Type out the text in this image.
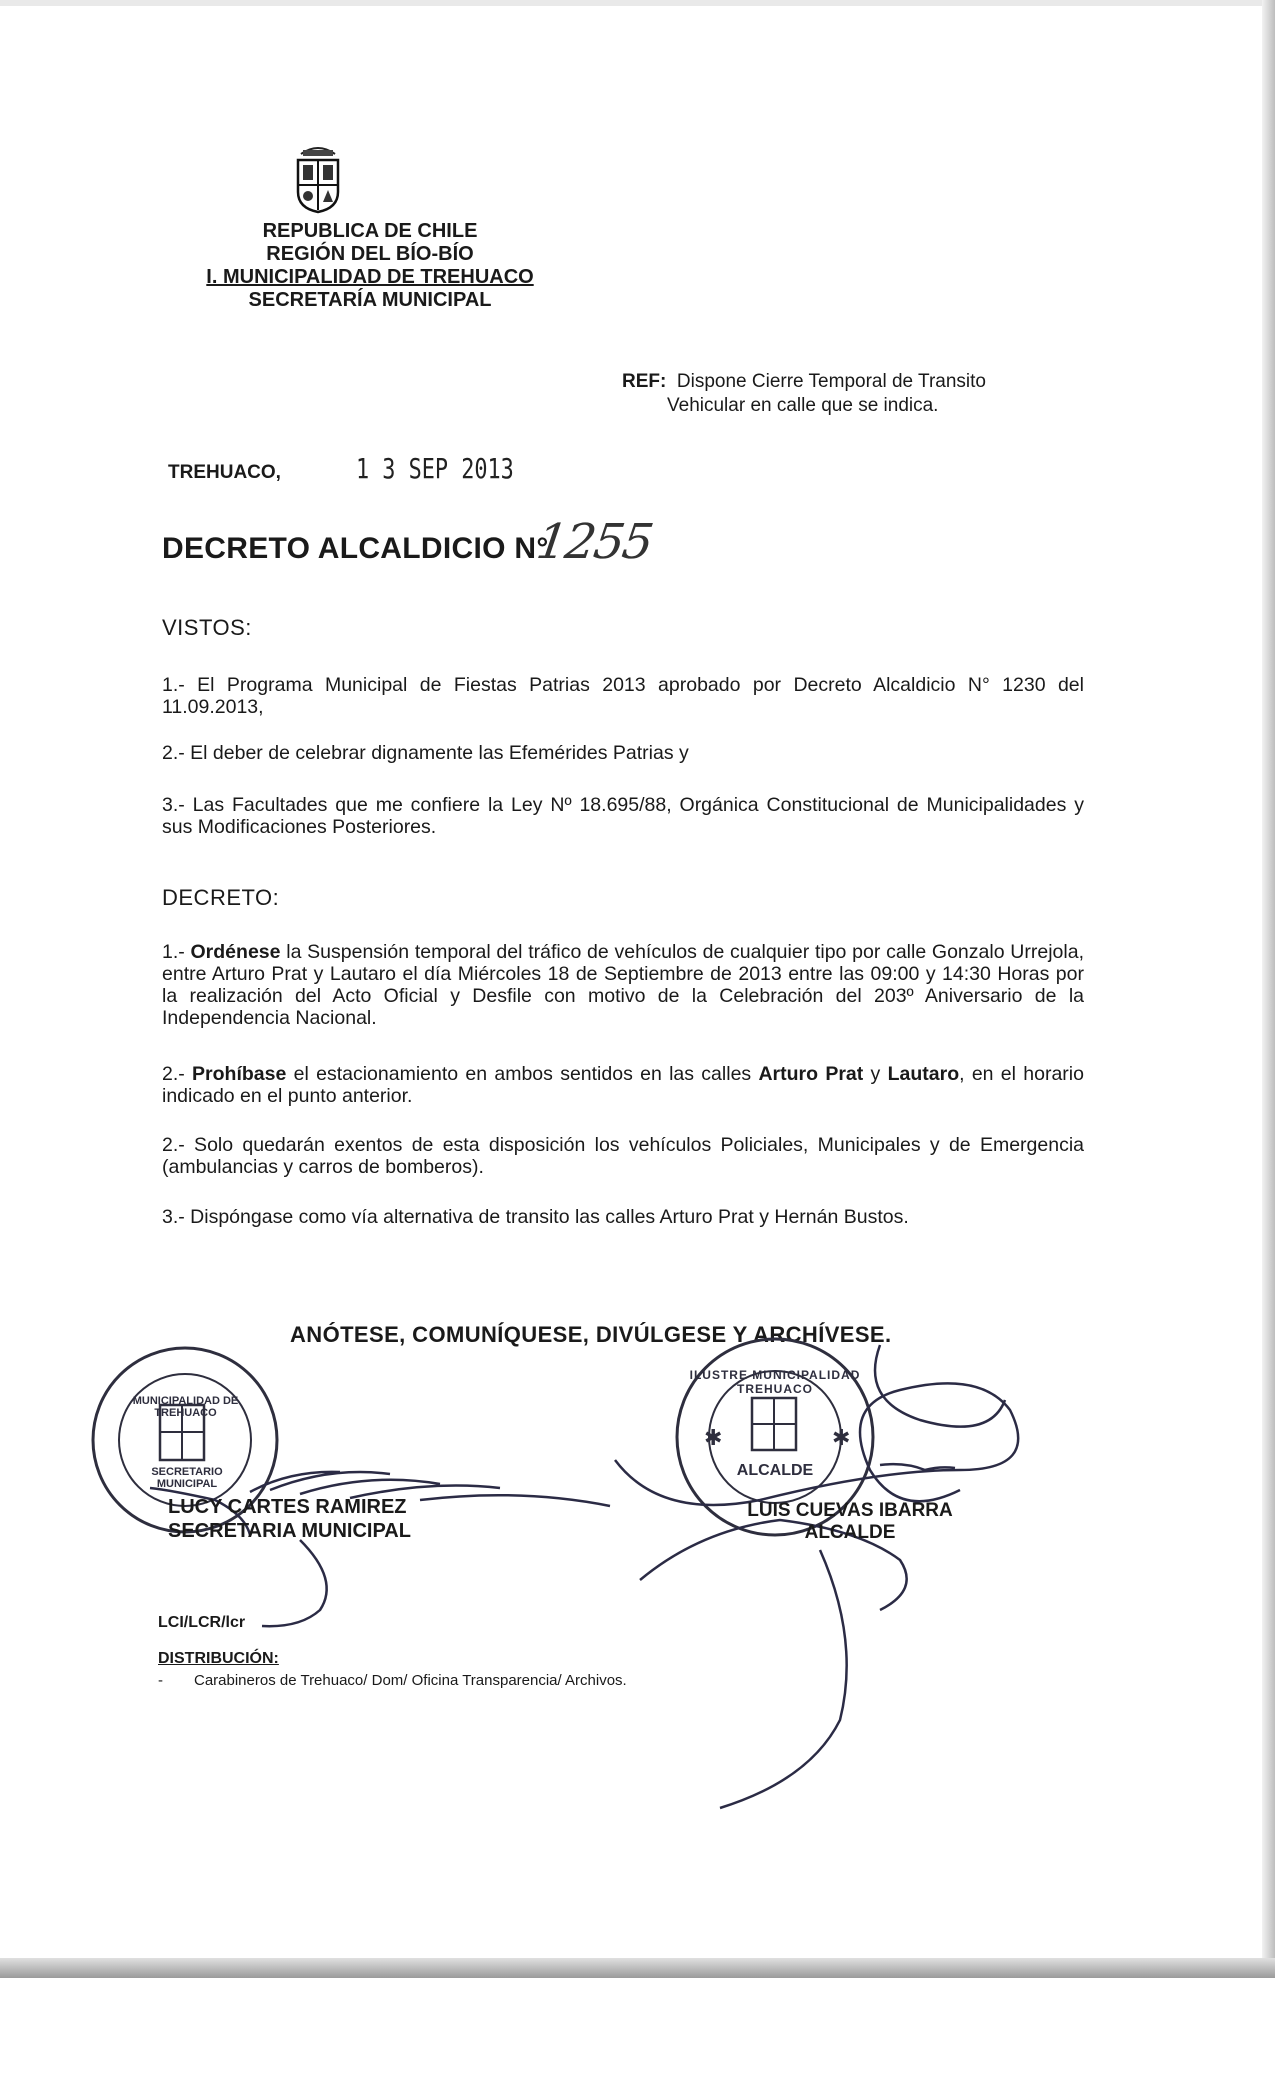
REPUBLICA DE CHILE
REGIÓN DEL BÍO-BÍO
I. MUNICIPALIDAD DE TREHUACO
SECRETARÍA MUNICIPAL
REF: Dispone Cierre Temporal de Transito
Vehicular en calle que se indica.
TREHUACO,	1 3 SEP 2013
DECRETO ALCALDICIO N°
1255
VISTOS:
1.- El Programa Municipal de Fiestas Patrias 2013 aprobado por Decreto Alcaldicio N° 1230 del 11.09.2013,
2.- El deber de celebrar dignamente las Efemérides Patrias y
3.- Las Facultades que me confiere la Ley Nº 18.695/88, Orgánica Constitucional de Municipalidades y sus Modificaciones Posteriores.
DECRETO:
1.- Ordénese la Suspensión temporal del tráfico de vehículos de cualquier tipo por calle Gonzalo Urrejola, entre Arturo Prat y Lautaro el día Miércoles 18 de Septiembre de 2013 entre las 09:00 y 14:30 Horas por la realización del Acto Oficial y Desfile con motivo de la Celebración del 203º Aniversario de la Independencia Nacional.
2.- Prohíbase el estacionamiento en ambos sentidos en las calles Arturo Prat y Lautaro, en el horario indicado en el punto anterior.
2.- Solo quedarán exentos de esta disposición los vehículos Policiales, Municipales y de Emergencia (ambulancias y carros de bomberos).
3.- Dispóngase como vía alternativa de transito las calles Arturo Prat y Hernán Bustos.
ANÓTESE, COMUNÍQUESE, DIVÚLGESE Y ARCHÍVESE.
✱	✱
MUNICIPALIDAD DE TREHUACO
SECRETARIO MUNICIPAL
ILUSTRE MUNICIPALIDAD TREHUACO
ALCALDE
LUCY CARTES RAMIREZ
SECRETARIA MUNICIPAL
LUIS CUEVAS IBARRA
ALCALDE
LCI/LCR/lcr
DISTRIBUCIÓN:
- Carabineros de Trehuaco/ Dom/ Oficina Transparencia/ Archivos.
